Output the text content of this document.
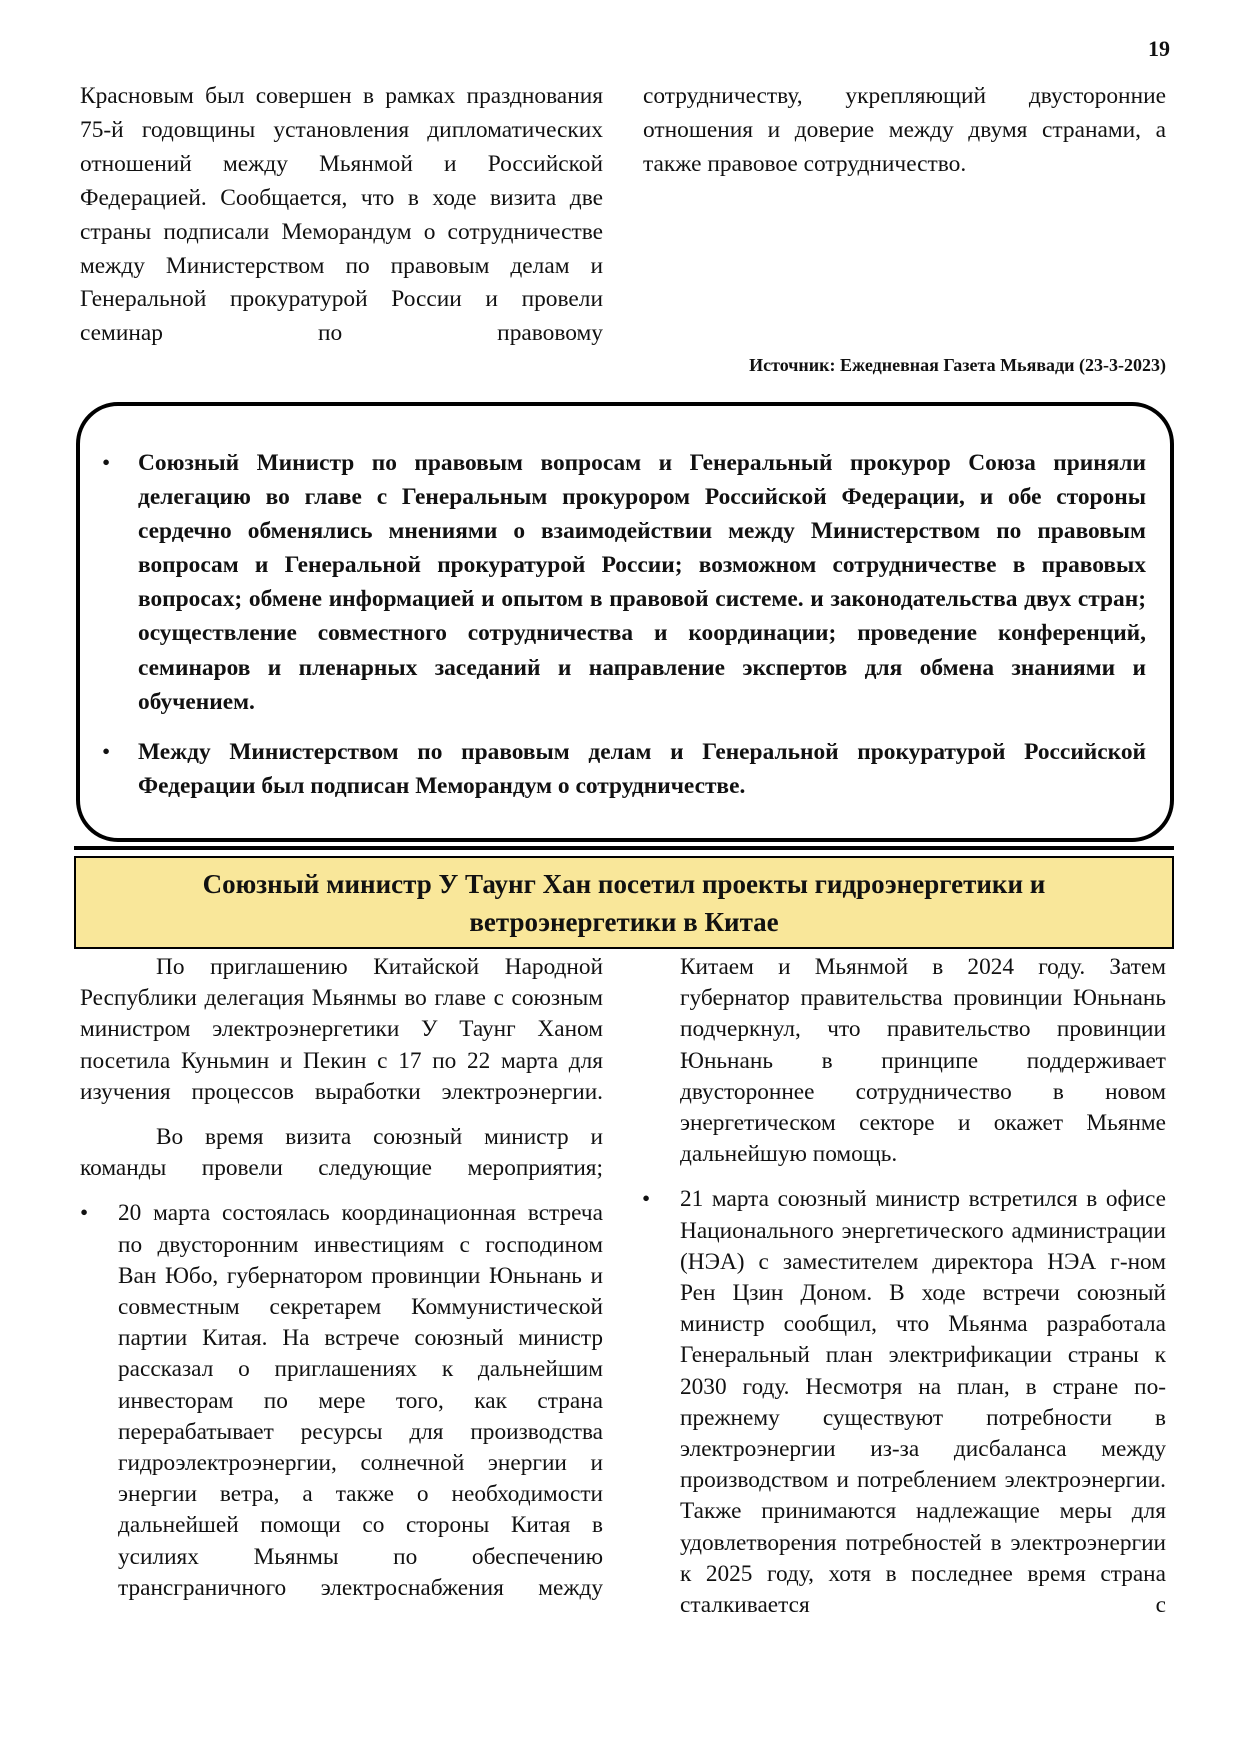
19

Красновым был совершен в рамках празднования 75-й годовщины установления дипломатических отношений между Мьянмой и Российской Федерацией. Сообщается, что в ходе визита две страны подписали Меморандум о сотрудничестве между Министерством по правовым делам и Генеральной прокуратурой России и провели семинар по правовому

сотрудничеству, укрепляющий двусторонние отношения и доверие между двумя странами, а также правовое сотрудничество.

Источник: Ежедневная Газета Мьявади (23-3-2023)
• Союзный Министр по правовым вопросам и Генеральный прокурор Союза приняли делегацию во главе с Генеральным прокурором Российской Федерации, и обе стороны сердечно обменялись мнениями о взаимодействии между Министерством по правовым вопросам и Генеральной прокуратурой России; возможном сотрудничестве в правовых вопросах; обмене информацией и опытом в правовой системе. и законодательства двух стран; осуществление совместного сотрудничества и координации; проведение конференций, семинаров и пленарных заседаний и направление экспертов для обмена знаниями и обучением.
• Между Министерством по правовым делам и Генеральной прокуратурой Российской Федерации был подписан Меморандум о сотрудничестве.
Союзный министр У Таунг Хан посетил проекты гидроэнергетики и ветроэнергетики в Китае

По приглашению Китайской Народной Республики делегация Мьянмы во главе с союзным министром электроэнергетики У Таунг Ханом посетила Куньмин и Пекин с 17 по 22 марта для изучения процессов выработки электроэнергии.

Во время визита союзный министр и команды провели следующие мероприятия;

• 20 марта состоялась координационная встреча по двусторонним инвестициям с господином Ван Юбо, губернатором провинции Юньнань и совместным секретарем Коммунистической партии Китая. На встрече союзный министр рассказал о приглашениях к дальнейшим инвесторам по мере того, как страна перерабатывает ресурсы для производства гидроэлектроэнергии, солнечной энергии и энергии ветра, а также о необходимости дальнейшей помощи со стороны Китая в усилиях Мьянмы по обеспечению трансграничного электроснабжения между

Китаем и Мьянмой в 2024 году. Затем губернатор правительства провинции Юньнань подчеркнул, что правительство провинции Юньнань в принципе поддерживает двустороннее сотрудничество в новом энергетическом секторе и окажет Мьянме дальнейшую помощь.

• 21 марта союзный министр встретился в офисе Национального энергетического администрации (НЭА) с заместителем директора НЭА г-ном Рен Цзин Доном. В ходе встречи союзный министр сообщил, что Мьянма разработала Генеральный план электрификации страны к 2030 году. Несмотря на план, в стране по-прежнему существуют потребности в электроэнергии из-за дисбаланса между производством и потреблением электроэнергии. Также принимаются надлежащие меры для удовлетворения потребностей в электроэнергии к 2025 году, хотя в последнее время страна сталкивается с
